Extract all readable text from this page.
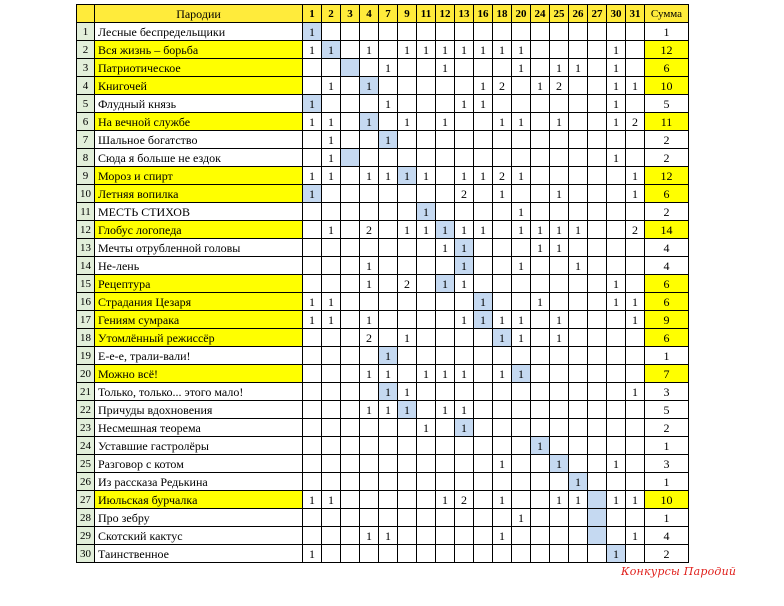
	Пародии	1	2	3	4	7	9	11	12	13	16	18	20	24	25	26	27	30	31	Сумма
1	Лесные беспредельщики	1																		1
2	Вся жизнь – борьба	1	1		1		1	1	1	1	1	1	1					1		12
3	Патриотическое					1			1				1		1	1		1		6
4	Книгочей		1		1						1	2		1	2			1	1	10
5	Флудный князь	1				1				1	1							1		5
6	На вечной службе	1	1		1		1		1			1	1		1			1	2	11
7	Шальное богатство		1			1														2
8	Сюда я больше не ездок		1															1		2
9	Мороз и спирт	1	1		1	1	1	1		1	1	2	1						1	12
10	Летняя вопилка	1								2		1			1				1	6
11	МЕСТЬ СТИХОВ							1					1							2
12	Глобус логопеда		1		2		1	1	1	1	1		1	1	1	1			2	14
13	Мечты отрубленной головы								1	1				1	1					4
14	Не-лень				1					1			1			1				4
15	Рецептура				1		2		1	1								1		6
16	Страдания Цезаря	1	1								1			1				1	1	6
17	Гениям сумрака	1	1		1					1	1	1	1		1				1	9
18	Утомлённый режиссёр				2		1					1	1		1					6
19	Е-е-е, трали-вали!					1														1
20	Можно всё!				1	1		1	1	1		1	1							7
21	Только, только... этого мало!					1	1												1	3
22	Причуды вдохновения				1	1	1		1	1										5
23	Несмешная теорема							1		1										2
24	Уставшие гастролёры													1						1
25	Разговор с котом											1			1			1		3
26	Из рассказа Редькина															1				1
27	Июльская бурчалка	1	1						1	2		1			1	1		1	1	10
28	Про зебру												1							1
29	Скотский кактус				1	1						1							1	4
30	Таинственное	1																1		2
Конкурсы Пародий
